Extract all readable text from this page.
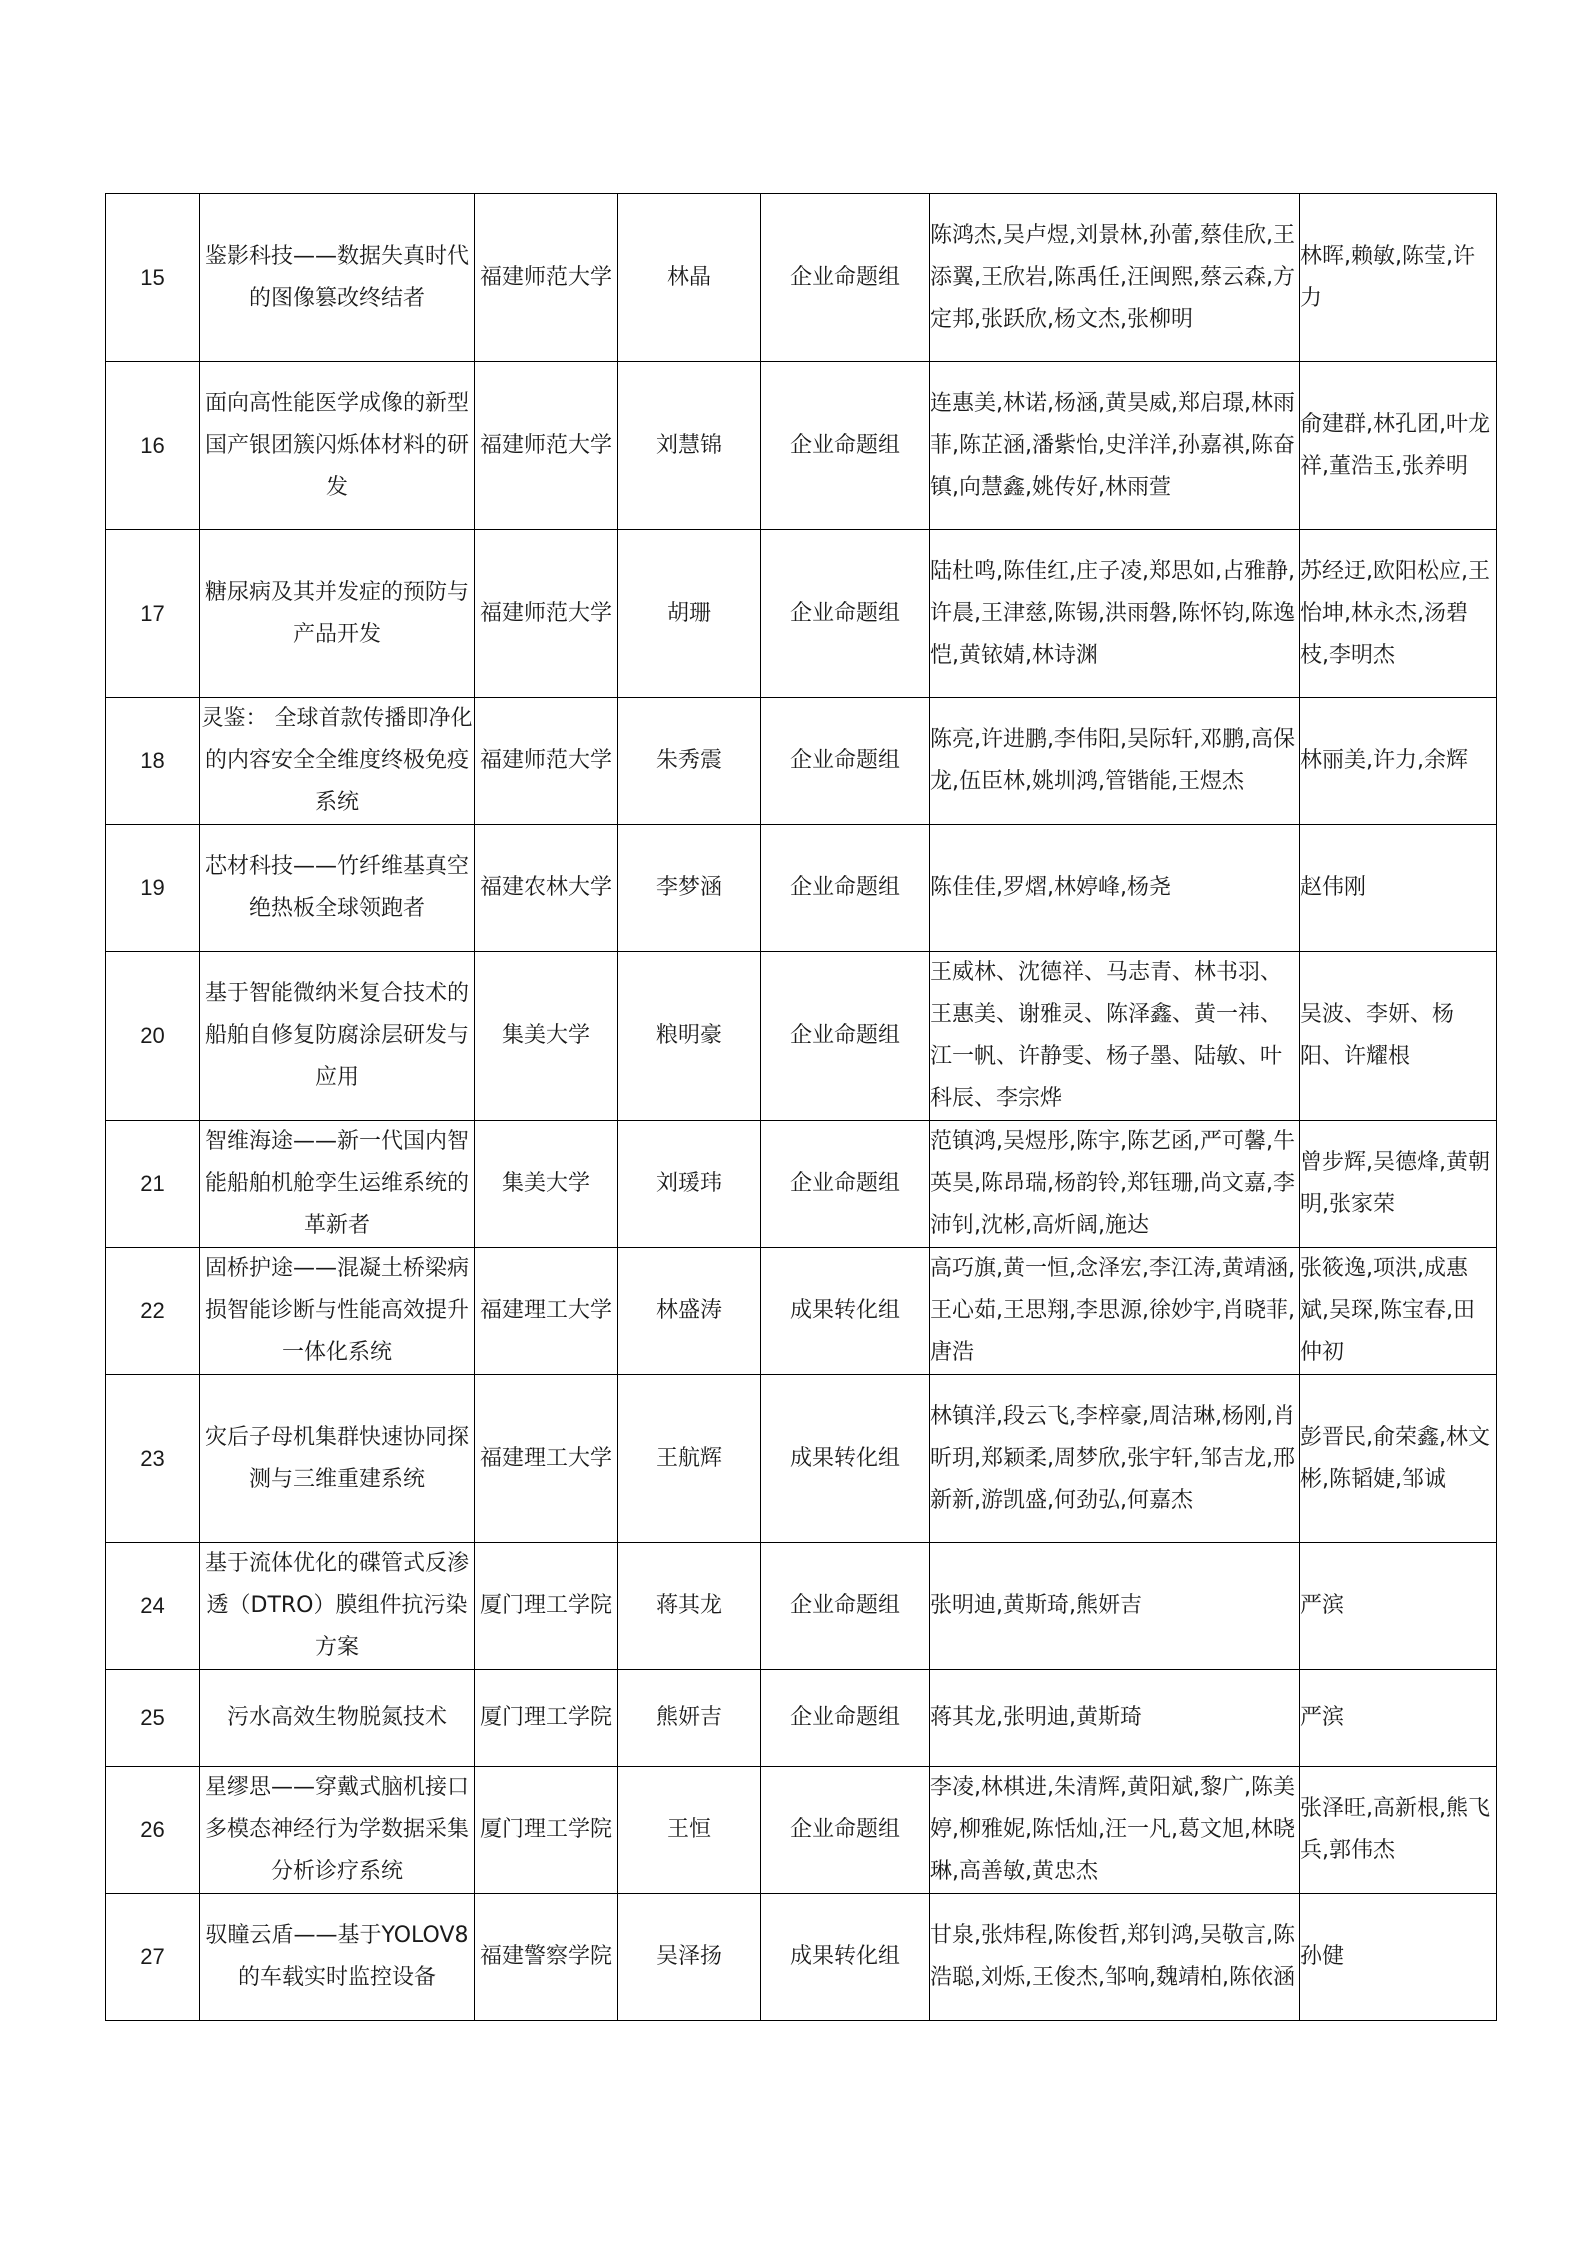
15	鉴影科技——数据失真时代的图像篡改终结者	福建师范大学	林晶	企业命题组	陈鸿杰,吴卢煜,刘景林,孙蕾,蔡佳欣,王添翼,王欣岩,陈禹任,汪闽熙,蔡云森,方定邦,张跃欣,杨文杰,张柳明	林晖,赖敏,陈莹,许力
16	面向高性能医学成像的新型国产银团簇闪烁体材料的研发	福建师范大学	刘慧锦	企业命题组	连惠美,林诺,杨涵,黄昊威,郑启璟,林雨菲,陈芷涵,潘紫怡,史洋洋,孙嘉祺,陈奋镇,向慧鑫,姚传好,林雨萱	俞建群,林孔团,叶龙祥,董浩玉,张养明
17	糖尿病及其并发症的预防与产品开发	福建师范大学	胡珊	企业命题组	陆杜鸣,陈佳红,庄子凌,郑思如,占雅静,许晨,王津慈,陈锡,洪雨磐,陈怀钧,陈逸恺,黄铱婧,林诗渊	苏经迂,欧阳松应,王怡坤,林永杰,汤碧枝,李明杰
18	灵鉴： 全球首款传播即净化的内容安全全维度终极免疫系统	福建师范大学	朱秀震	企业命题组	陈亮,许进鹏,李伟阳,吴际轩,邓鹏,高保龙,伍臣林,姚圳鸿,管锴能,王煜杰	林丽美,许力,余辉
19	芯材科技——竹纤维基真空绝热板全球领跑者	福建农林大学	李梦涵	企业命题组	陈佳佳,罗熠,林婷峰,杨尧	赵伟刚
20	基于智能微纳米复合技术的船舶自修复防腐涂层研发与应用	集美大学	粮明豪	企业命题组	王威林、沈德祥、马志青、林书羽、王惠美、谢雅灵、陈泽鑫、黄一祎、江一帆、许静雯、杨子墨、陆敏、叶科辰、李宗烨	吴波、李妍、杨阳、许耀根
21	智维海途——新一代国内智能船舶机舱孪生运维系统的革新者	集美大学	刘瑗玮	企业命题组	范镇鸿,吴煜彤,陈宇,陈艺函,严可馨,牛英昊,陈昂瑞,杨韵铃,郑钰珊,尚文嘉,李沛钊,沈彬,高炘阔,施达	曾步辉,吴德烽,黄朝明,张家荣
22	固桥护途——混凝土桥梁病损智能诊断与性能高效提升一体化系统	福建理工大学	林盛涛	成果转化组	高巧旗,黄一恒,念泽宏,李江涛,黄靖涵,王心茹,王思翔,李思源,徐妙宇,肖晓菲,唐浩	张筱逸,项洪,成惠斌,吴琛,陈宝春,田仲初
23	灾后子母机集群快速协同探测与三维重建系统	福建理工大学	王航辉	成果转化组	林镇洋,段云飞,李梓豪,周洁琳,杨刚,肖昕玥,郑颖柔,周梦欣,张宇轩,邹吉龙,邢新新,游凯盛,何劲弘,何嘉杰	彭晋民,俞荣鑫,林文彬,陈韬婕,邹诚
24	基于流体优化的碟管式反渗透（DTRO）膜组件抗污染方案	厦门理工学院	蒋其龙	企业命题组	张明迪,黄斯琦,熊妍吉	严滨
25	污水高效生物脱氮技术	厦门理工学院	熊妍吉	企业命题组	蒋其龙,张明迪,黄斯琦	严滨
26	星缪思——穿戴式脑机接口多模态神经行为学数据采集分析诊疗系统	厦门理工学院	王恒	企业命题组	李凌,林棋进,朱清辉,黄阳斌,黎广,陈美婷,柳雅妮,陈恬灿,汪一凡,葛文旭,林晓琳,高善敏,黄忠杰	张泽旺,高新根,熊飞兵,郭伟杰
27	驭瞳云盾——基于YOLOV8的车载实时监控设备	福建警察学院	吴泽扬	成果转化组	甘泉,张炜程,陈俊哲,郑钊鸿,吴敬言,陈浩聪,刘烁,王俊杰,邹响,魏靖柏,陈依涵	孙健
